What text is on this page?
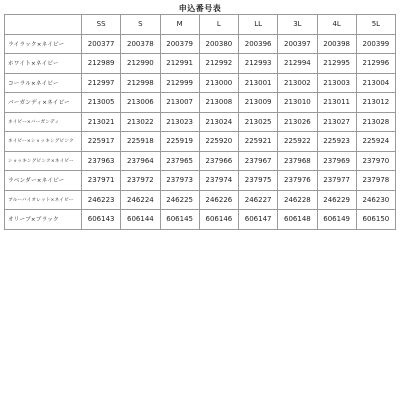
申込番号表
	SS	S	M	L	LL	3L	4L	5L
ライラック×ネイビー	200377	200378	200379	200380	200396	200397	200398	200399
ホワイト×ネイビー	212989	212990	212991	212992	212993	212994	212995	212996
コーラル×ネイビー	212997	212998	212999	213000	213001	213002	213003	213004
バーガンディ×ネイビー	213005	213006	213007	213008	213009	213010	213011	213012
ネイビー×バーガンディ	213021	213022	213023	213024	213025	213026	213027	213028
ネイビー×ショッキングピンク	225917	225918	225919	225920	225921	225922	225923	225924
ショッキングピンク×ネイビー	237963	237964	237965	237966	237967	237968	237969	237970
ラベンダー×ネイビー	237971	237972	237973	237974	237975	237976	237977	237978
ブルーバイオレット×ネイビー	246223	246224	246225	246226	246227	246228	246229	246230
オリーブ×ブラック	606143	606144	606145	606146	606147	606148	606149	606150
